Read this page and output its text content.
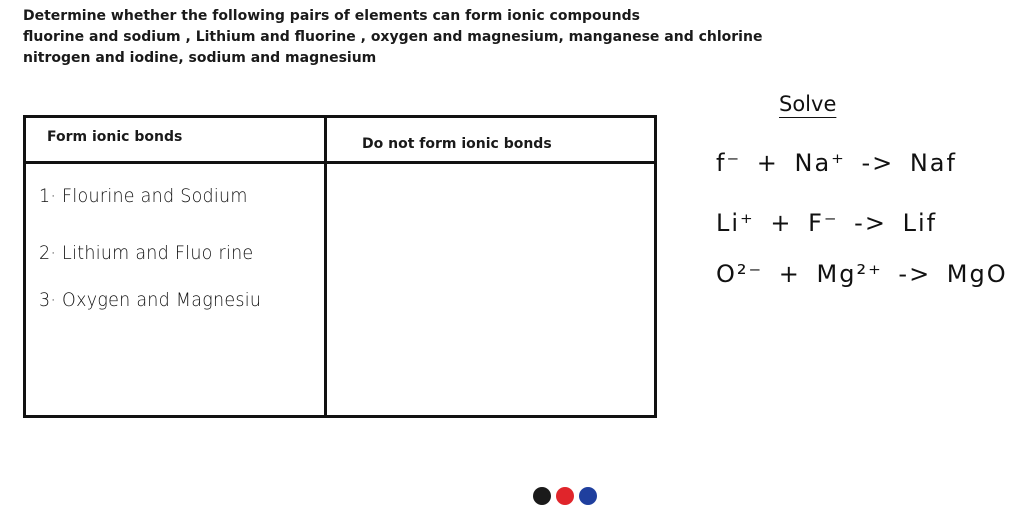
Determine whether the following pairs of elements can form ionic compounds
fluorine and sodium , Lithium and fluorine , oxygen and magnesium, manganese and chlorine
nitrogen and iodine, sodium and magnesium
Form ionic bonds	Do not form ionic bonds
1· Flourine and Sodium
2· Lithium and Fluo rine
3· Oxygen and Magnesiu
Solve
f⁻ + Na⁺ -> Naf
Li⁺ + F⁻ -> Lif
O²⁻ + Mg²⁺ -> MgO
